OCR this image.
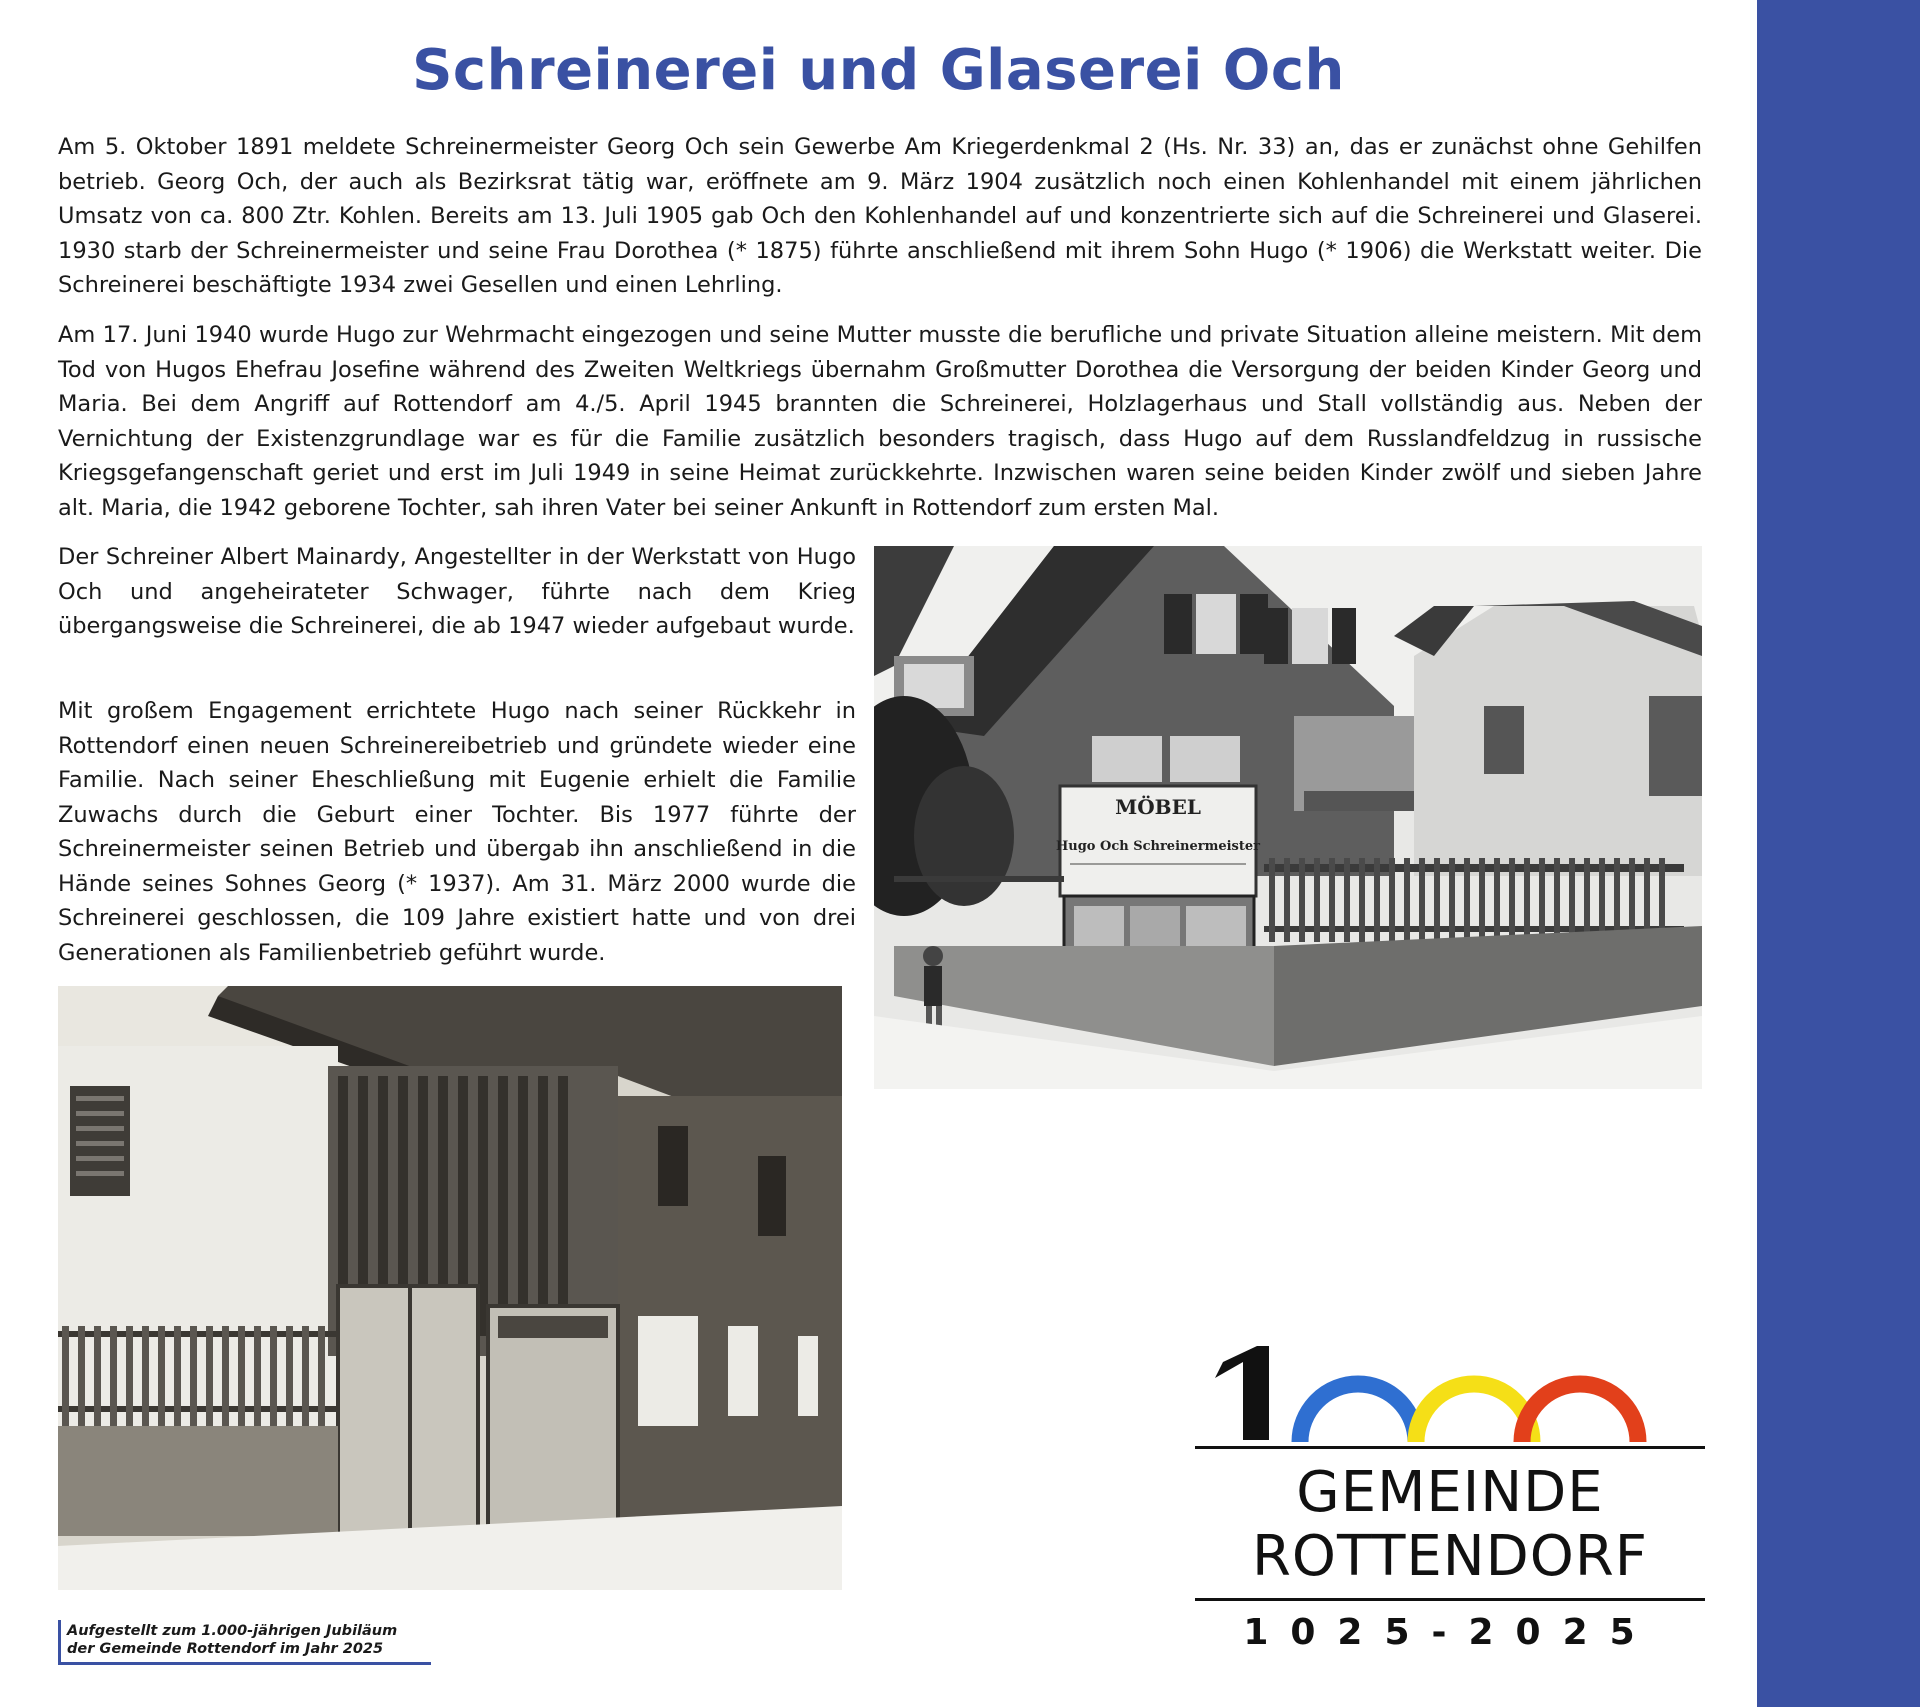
Schreinerei und Glaserei Och

Am 5. Oktober 1891 meldete Schreinermeister Georg Och sein Gewerbe Am Kriegerdenkmal 2 (Hs. Nr. 33) an, das er zunächst ohne Gehilfen betrieb. Georg Och, der auch als Bezirksrat tätig war, eröffnete am 9. März 1904 zusätzlich noch einen Kohlenhandel mit einem jährlichen Umsatz von ca. 800 Ztr. Kohlen. Bereits am 13. Juli 1905 gab Och den Kohlenhandel auf und konzentrierte sich auf die Schreinerei und Glaserei. 1930 starb der Schreinermeister und seine Frau Dorothea (* 1875) führte anschließend mit ihrem Sohn Hugo (* 1906) die Werkstatt weiter. Die Schreinerei beschäftigte 1934 zwei Gesellen und einen Lehrling.

Am 17. Juni 1940 wurde Hugo zur Wehrmacht eingezogen und seine Mutter musste die berufliche und private Situation alleine meistern. Mit dem Tod von Hugos Ehefrau Josefine während des Zweiten Weltkriegs übernahm Großmutter Dorothea die Versorgung der beiden Kinder Georg und Maria. Bei dem Angriff auf Rottendorf am 4./5. April 1945 brannten die Schreinerei, Holzlagerhaus und Stall vollständig aus. Neben der Vernichtung der Existenzgrundlage war es für die Familie zusätzlich besonders tragisch, dass Hugo auf dem Russlandfeldzug in russische Kriegsgefangenschaft geriet und erst im Juli 1949 in seine Heimat zurückkehrte. Inzwischen waren seine beiden Kinder zwölf und sieben Jahre alt. Maria, die 1942 geborene Tochter, sah ihren Vater bei seiner Ankunft in Rottendorf zum ersten Mal.

Der Schreiner Albert Mainardy, Angestellter in der Werkstatt von Hugo Och und angeheirateter Schwager, führte nach dem Krieg übergangsweise die Schreinerei, die ab 1947 wieder aufgebaut wurde.

Mit großem Engagement errichtete Hugo nach seiner Rückkehr in Rottendorf einen neuen Schreinereibetrieb und gründete wieder eine Familie. Nach seiner Eheschließung mit Eugenie erhielt die Familie Zuwachs durch die Geburt einer Tochter. Bis 1977 führte der Schreinermeister seinen Betrieb und übergab ihn anschließend in die Hände seines Sohnes Georg (* 1937). Am 31. März 2000 wurde die Schreinerei geschlossen, die 109 Jahre existiert hatte und von drei Generationen als Familienbetrieb geführt wurde.

MÖBEL
Hugo Och Schreinermeister
Aufgestellt zum 1.000-jährigen Jubiläum
der Gemeinde Rottendorf im Jahr 2025
1000
GEMEINDE
ROTTENDORF
1025-2025
